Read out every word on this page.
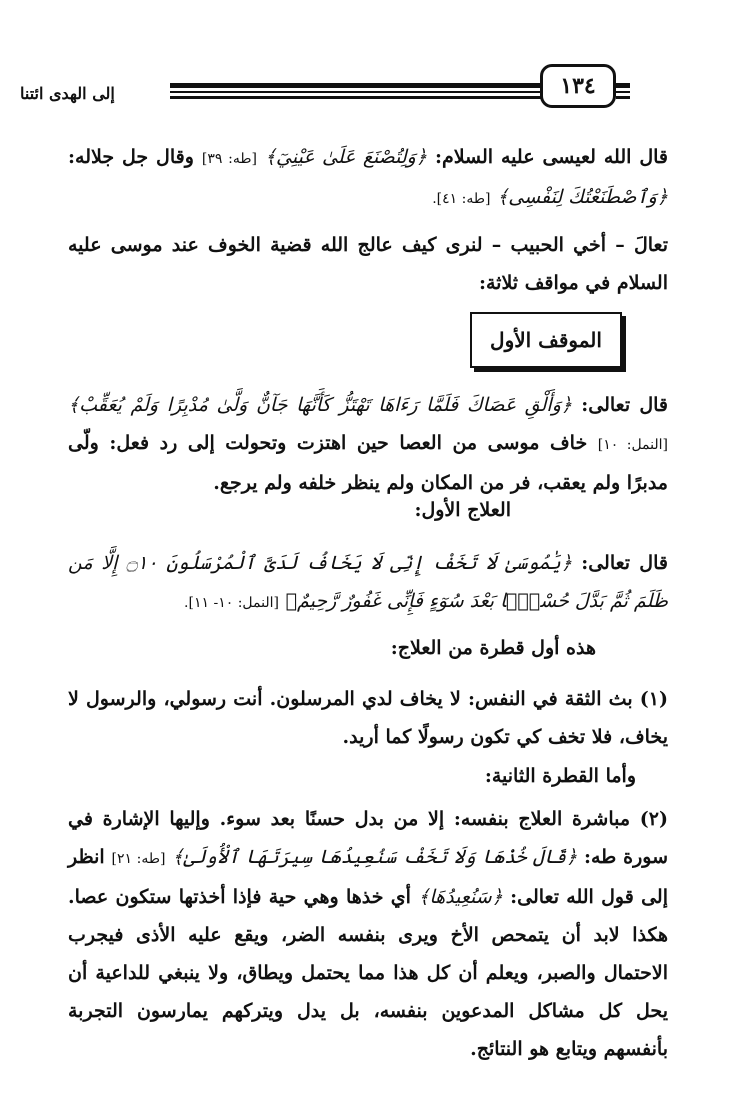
إلى الهدى ائتنا	١٣٤
قال الله لعيسى عليه السلام: ﴿وَلِتُصْنَعَ عَلَىٰ عَيْنِيٓ﴾ [طه: ٣٩] وقال جل جلاله: ﴿وَٱصْطَنَعْتُكَ لِنَفْسِى﴾ [طه: ٤١].
تعالَ – أخي الحبيب – لنرى كيف عالج الله قضية الخوف عند موسى عليه السلام في مواقف ثلاثة:
الموقف الأول
قال تعالى: ﴿وَأَلْقِ عَصَاكَ فَلَمَّا رَءَاهَا تَهْتَزُّ كَأَنَّهَا جَآنٌّ وَلَّىٰ مُدْبِرًا وَلَمْ يُعَقِّبْ﴾ [النمل: ١٠] خاف موسى من العصا حين اهتزت وتحولت إلى رد فعل: ولّى مدبرًا ولم يعقب، فر من المكان ولم ينظر خلفه ولم يرجع.
العلاج الأول:
قال تعالى: ﴿يَٰمُوسَىٰ لَا تَخَفْ إِنِّى لَا يَخَافُ لَدَىَّ ٱلْمُرْسَلُونَ ۝١٠ إِلَّا مَن ظَلَمَ ثُمَّ بَدَّلَ حُسْنًۢا بَعْدَ سُوٓءٍ فَإِنِّى غَفُورٌ رَّحِيمٌ﴾ [النمل: ١٠- ١١].
هذه أول قطرة من العلاج:
(١) بث الثقة في النفس: لا يخاف لدي المرسلون. أنت رسولي، والرسول لا يخاف، فلا تخف كي تكون رسولًا كما أريد.
وأما القطرة الثانية:
(٢) مباشرة العلاج بنفسه: إلا من بدل حسنًا بعد سوء. وإليها الإشارة في سورة طه: ﴿قَالَ خُذْهَا وَلَا تَخَفْ سَنُعِيدُهَا سِيرَتَهَا ٱلْأُولَىٰ﴾ [طه: ٢١] انظر إلى قول الله تعالى: ﴿سَنُعِيدُهَا﴾ أي خذها وهي حية فإذا أخذتها ستكون عصا. هكذا لابد أن يتمحص الأخ ويرى بنفسه الضر، ويقع عليه الأذى فيجرب الاحتمال والصبر، ويعلم أن كل هذا مما يحتمل ويطاق، ولا ينبغي للداعية أن يحل كل مشاكل المدعوين بنفسه، بل يدل ويتركهم يمارسون التجربة بأنفسهم ويتابع هو النتائج.
